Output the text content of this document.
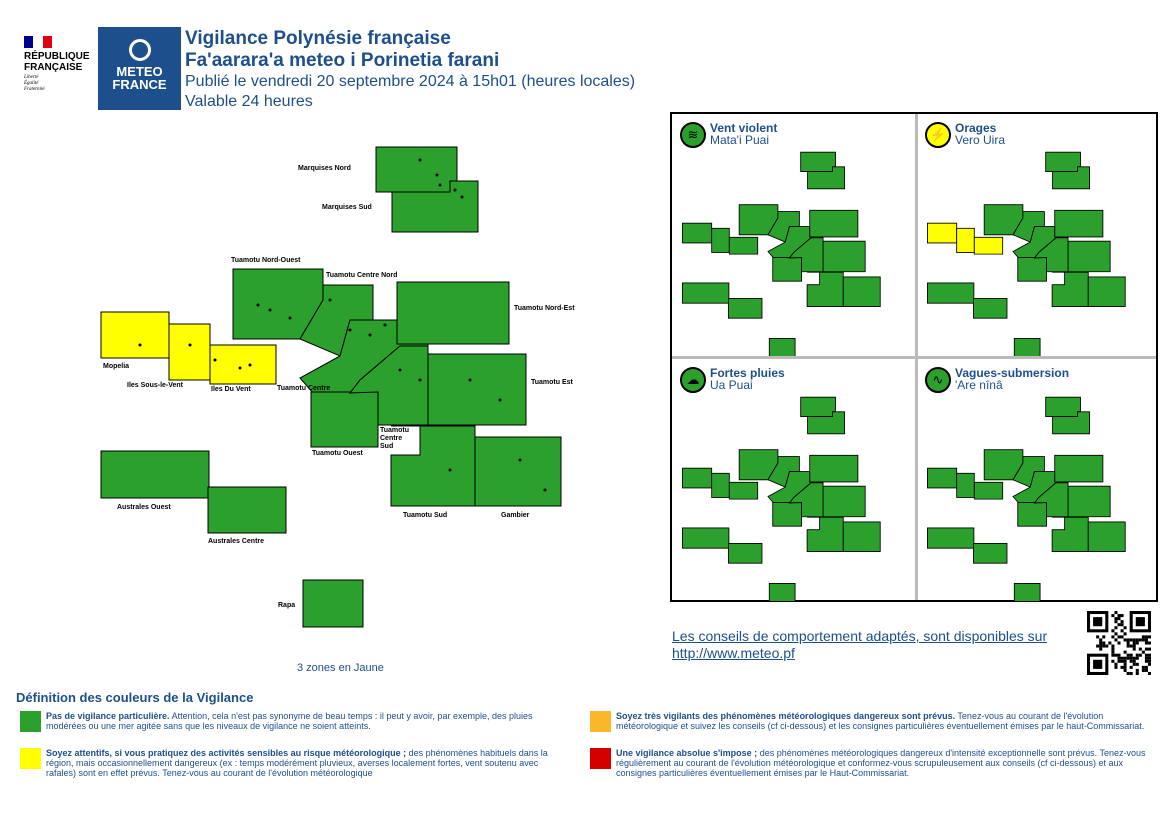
RÉPUBLIQUE
FRANÇAISE
Liberté
Égalité
Fraternité
METEO
FRANCE
Vigilance Polynésie française
Fa'aarara'a meteo i Porinetia farani
Publié le vendredi 20 septembre 2024 à 15h01 (heures locales)
Valable 24 heures
Marquises Nord
Marquises Sud
Tuamotu Nord-Ouest
Tuamotu Centre Nord
Tuamotu Nord-Est
Mopelia
Iles Sous-le-Vent
Iles Du Vent	Tuamotu Centre
Tuamotu Est
Tuamotu Ouest
Tuamotu
Centre
Sud
Australes Ouest
Australes Centre
Tuamotu Sud	Gambier
Rapa
≋ Vent violent
Mata'i Puai	⚡ Orages
Vero Uira
☁ Fortes pluies
Ua Puai	∿ Vagues-submersion
'Are nînâ
Les conseils de comportement adaptés, sont disponibles sur
http://www.meteo.pf
3 zones en Jaune
Définition des couleurs de la Vigilance
Pas de vigilance particulière. Attention, cela n'est pas synonyme de beau temps : il peut y avoir, par exemple, des pluies modérées ou une mer agitée sans que les niveaux de vigilance ne soient atteints.
Soyez attentifs, si vous pratiquez des activités sensibles au risque météorologique ; des phénomènes habituels dans la région, mais occasionnellement dangereux (ex : temps modérément pluvieux, averses localement fortes, vent soutenu avec rafales) sont en effet prévus. Tenez-vous au courant de l'évolution météorologique
Soyez très vigilants des phénomènes météorologiques dangereux sont prévus. Tenez-vous au courant de l'évolution météorologique et suivez les conseils (cf ci-dessous) et les consignes particulières éventuellement émises par le haut-Commissariat.
Une vigilance absolue s'impose ; des phénomènes météorologiques dangereux d'intensité exceptionnelle sont prévus. Tenez-vous régulièrement au courant de l'évolution météorologique et conformez-vous scrupuleusement aux conseils (cf ci-dessous) et aux consignes particulières éventuellement émises par le Haut-Commissariat.
